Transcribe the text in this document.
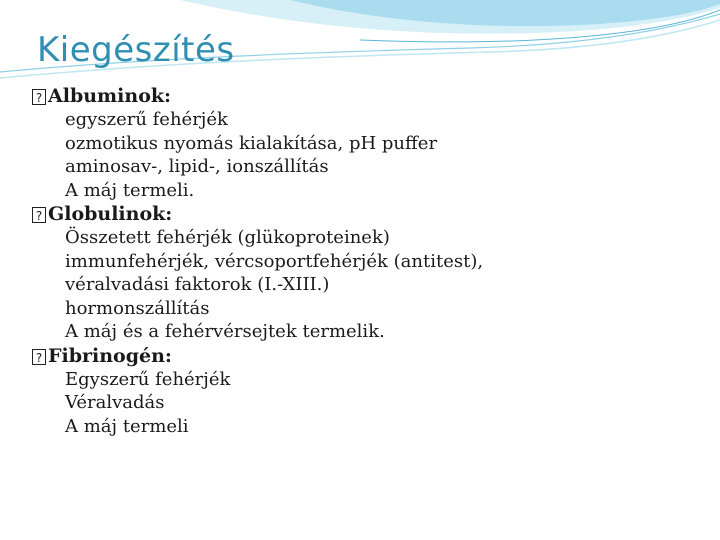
Kiegészítés
? Albuminok:
egyszerű fehérjék
ozmotikus nyomás kialakítása, pH puffer
aminosav-, lipid-, ionszállítás
A máj termeli.
? Globulinok:
Összetett fehérjék (glükoproteinek)
immunfehérjék, vércsoportfehérjék (antitest),
véralvadási faktorok (I.-XIII.)
hormonszállítás
A máj és a fehérvérsejtek termelik.
? Fibrinogén:
Egyszerű fehérjék
Véralvadás
A máj termeli
